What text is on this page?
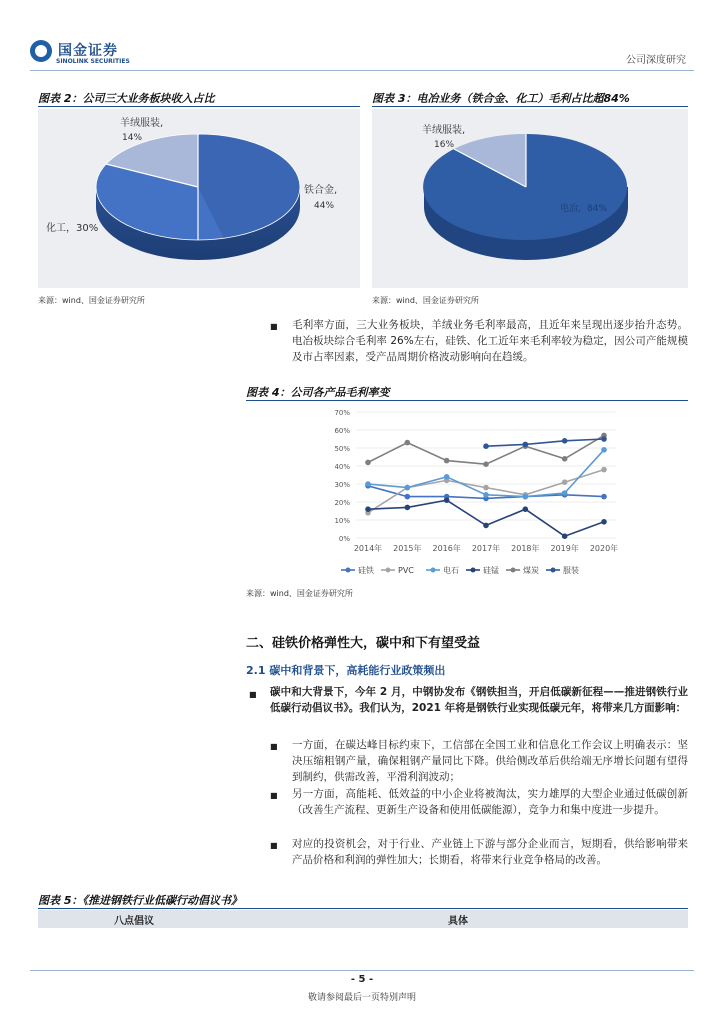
国金证券
SINOLINK SECURITIES	公司深度研究
图表 2：公司三大业务板块收入占比
羊绒服装,
14%
铁合金,
44%
化工，30%
来源：wind、国金证券研究所
图表 3：电冶业务（铁合金、化工）毛利占比超84%
羊绒服装,
16%
电冶，84%
来源：wind、国金证券研究所
■ 毛利率方面，三大业务板块，羊绒业务毛利率最高，且近年来呈现出逐步抬升态势。电冶板块综合毛利率 26%左右，硅铁、化工近年来毛利率较为稳定，因公司产能规模及市占率因素，受产品周期价格波动影响向在趋缓。
图表 4：公司各产品毛利率变
0%
10%
20%
30%
40%
50%
60%
70%
2014年 2015年 2016年 2017年 2018年 2019年 2020年
硅铁	PVC	电石	硅锰	煤炭	服装
来源：wind、国金证券研究所
二、硅铁价格弹性大，碳中和下有望受益
2.1 碳中和背景下，高耗能行业政策频出
■ 碳中和大背景下，今年 2 月，中钢协发布《钢铁担当，开启低碳新征程——推进钢铁行业低碳行动倡议书》。我们认为，2021 年将是钢铁行业实现低碳元年，将带来几方面影响：
■ 一方面，在碳达峰目标约束下，工信部在全国工业和信息化工作会议上明确表示：坚决压缩粗钢产量，确保粗钢产量同比下降。供给侧改革后供给端无序增长问题有望得到制约，供需改善，平滑利润波动；
■ 另一方面，高能耗、低效益的中小企业将被淘汰，实力雄厚的大型企业通过低碳创新（改善生产流程、更新生产设备和使用低碳能源），竞争力和集中度进一步提升。
■ 对应的投资机会，对于行业、产业链上下游与部分企业而言，短期看，供给影响带来产品价格和利润的弹性加大；长期看，将带来行业竞争格局的改善。
图表 5：《推进钢铁行业低碳行动倡议书》
八点倡议	具体
- 5 -
敬请参阅最后一页特别声明
